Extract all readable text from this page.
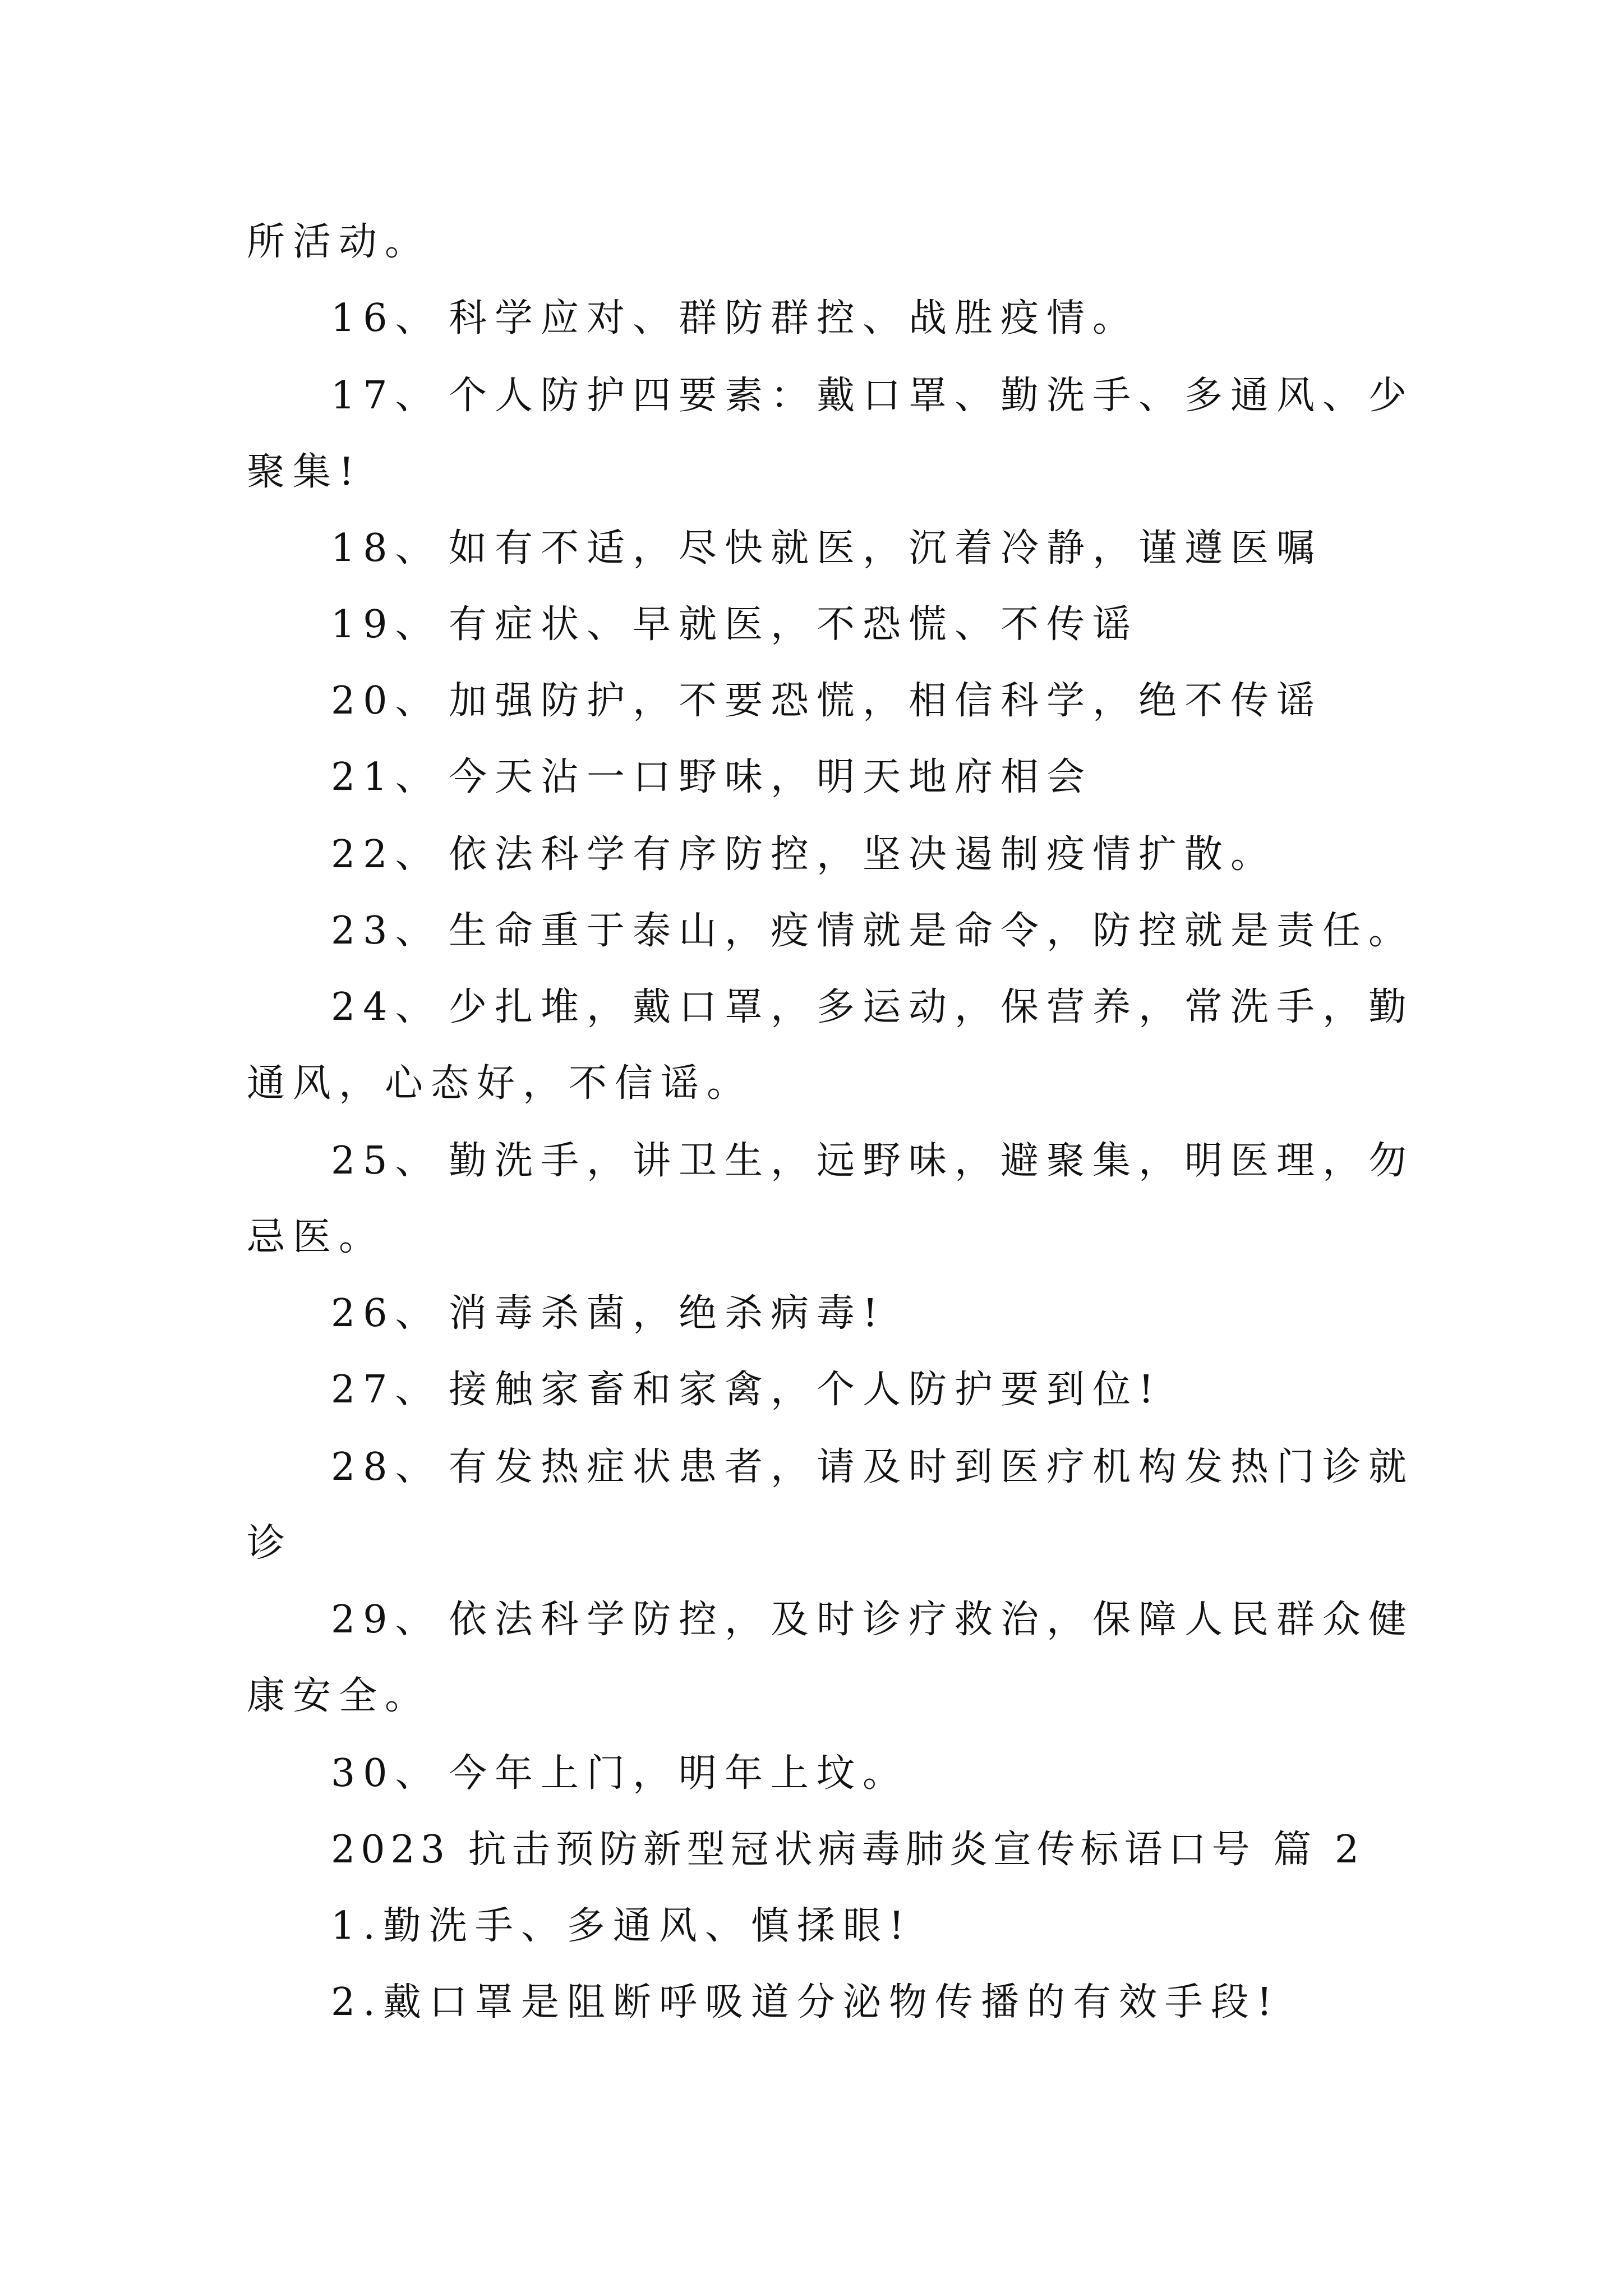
所活动。
16、 科学应对、群防群控、战胜疫情。
17、 个人防护四要素：戴口罩、勤洗手、多通风、少
聚集!
18、 如有不适，尽快就医，沉着冷静，谨遵医嘱
19、 有症状、早就医，不恐慌、不传谣
20、 加强防护，不要恐慌，相信科学，绝不传谣
21、 今天沾一口野味，明天地府相会
22、 依法科学有序防控，坚决遏制疫情扩散。
23、 生命重于泰山，疫情就是命令，防控就是责任。
24、 少扎堆，戴口罩，多运动，保营养，常洗手，勤
通风，心态好，不信谣。
25、 勤洗手，讲卫生，远野味，避聚集，明医理，勿
忌医。
26、 消毒杀菌，绝杀病毒!
27、 接触家畜和家禽，个人防护要到位!
28、 有发热症状患者，请及时到医疗机构发热门诊就
诊
29、 依法科学防控，及时诊疗救治，保障人民群众健
康安全。
30、 今年上门，明年上坟。
2023 抗击预防新型冠状病毒肺炎宣传标语口号 篇 2
1.勤洗手、多通风、慎揉眼!
2.戴口罩是阻断呼吸道分泌物传播的有效手段!
